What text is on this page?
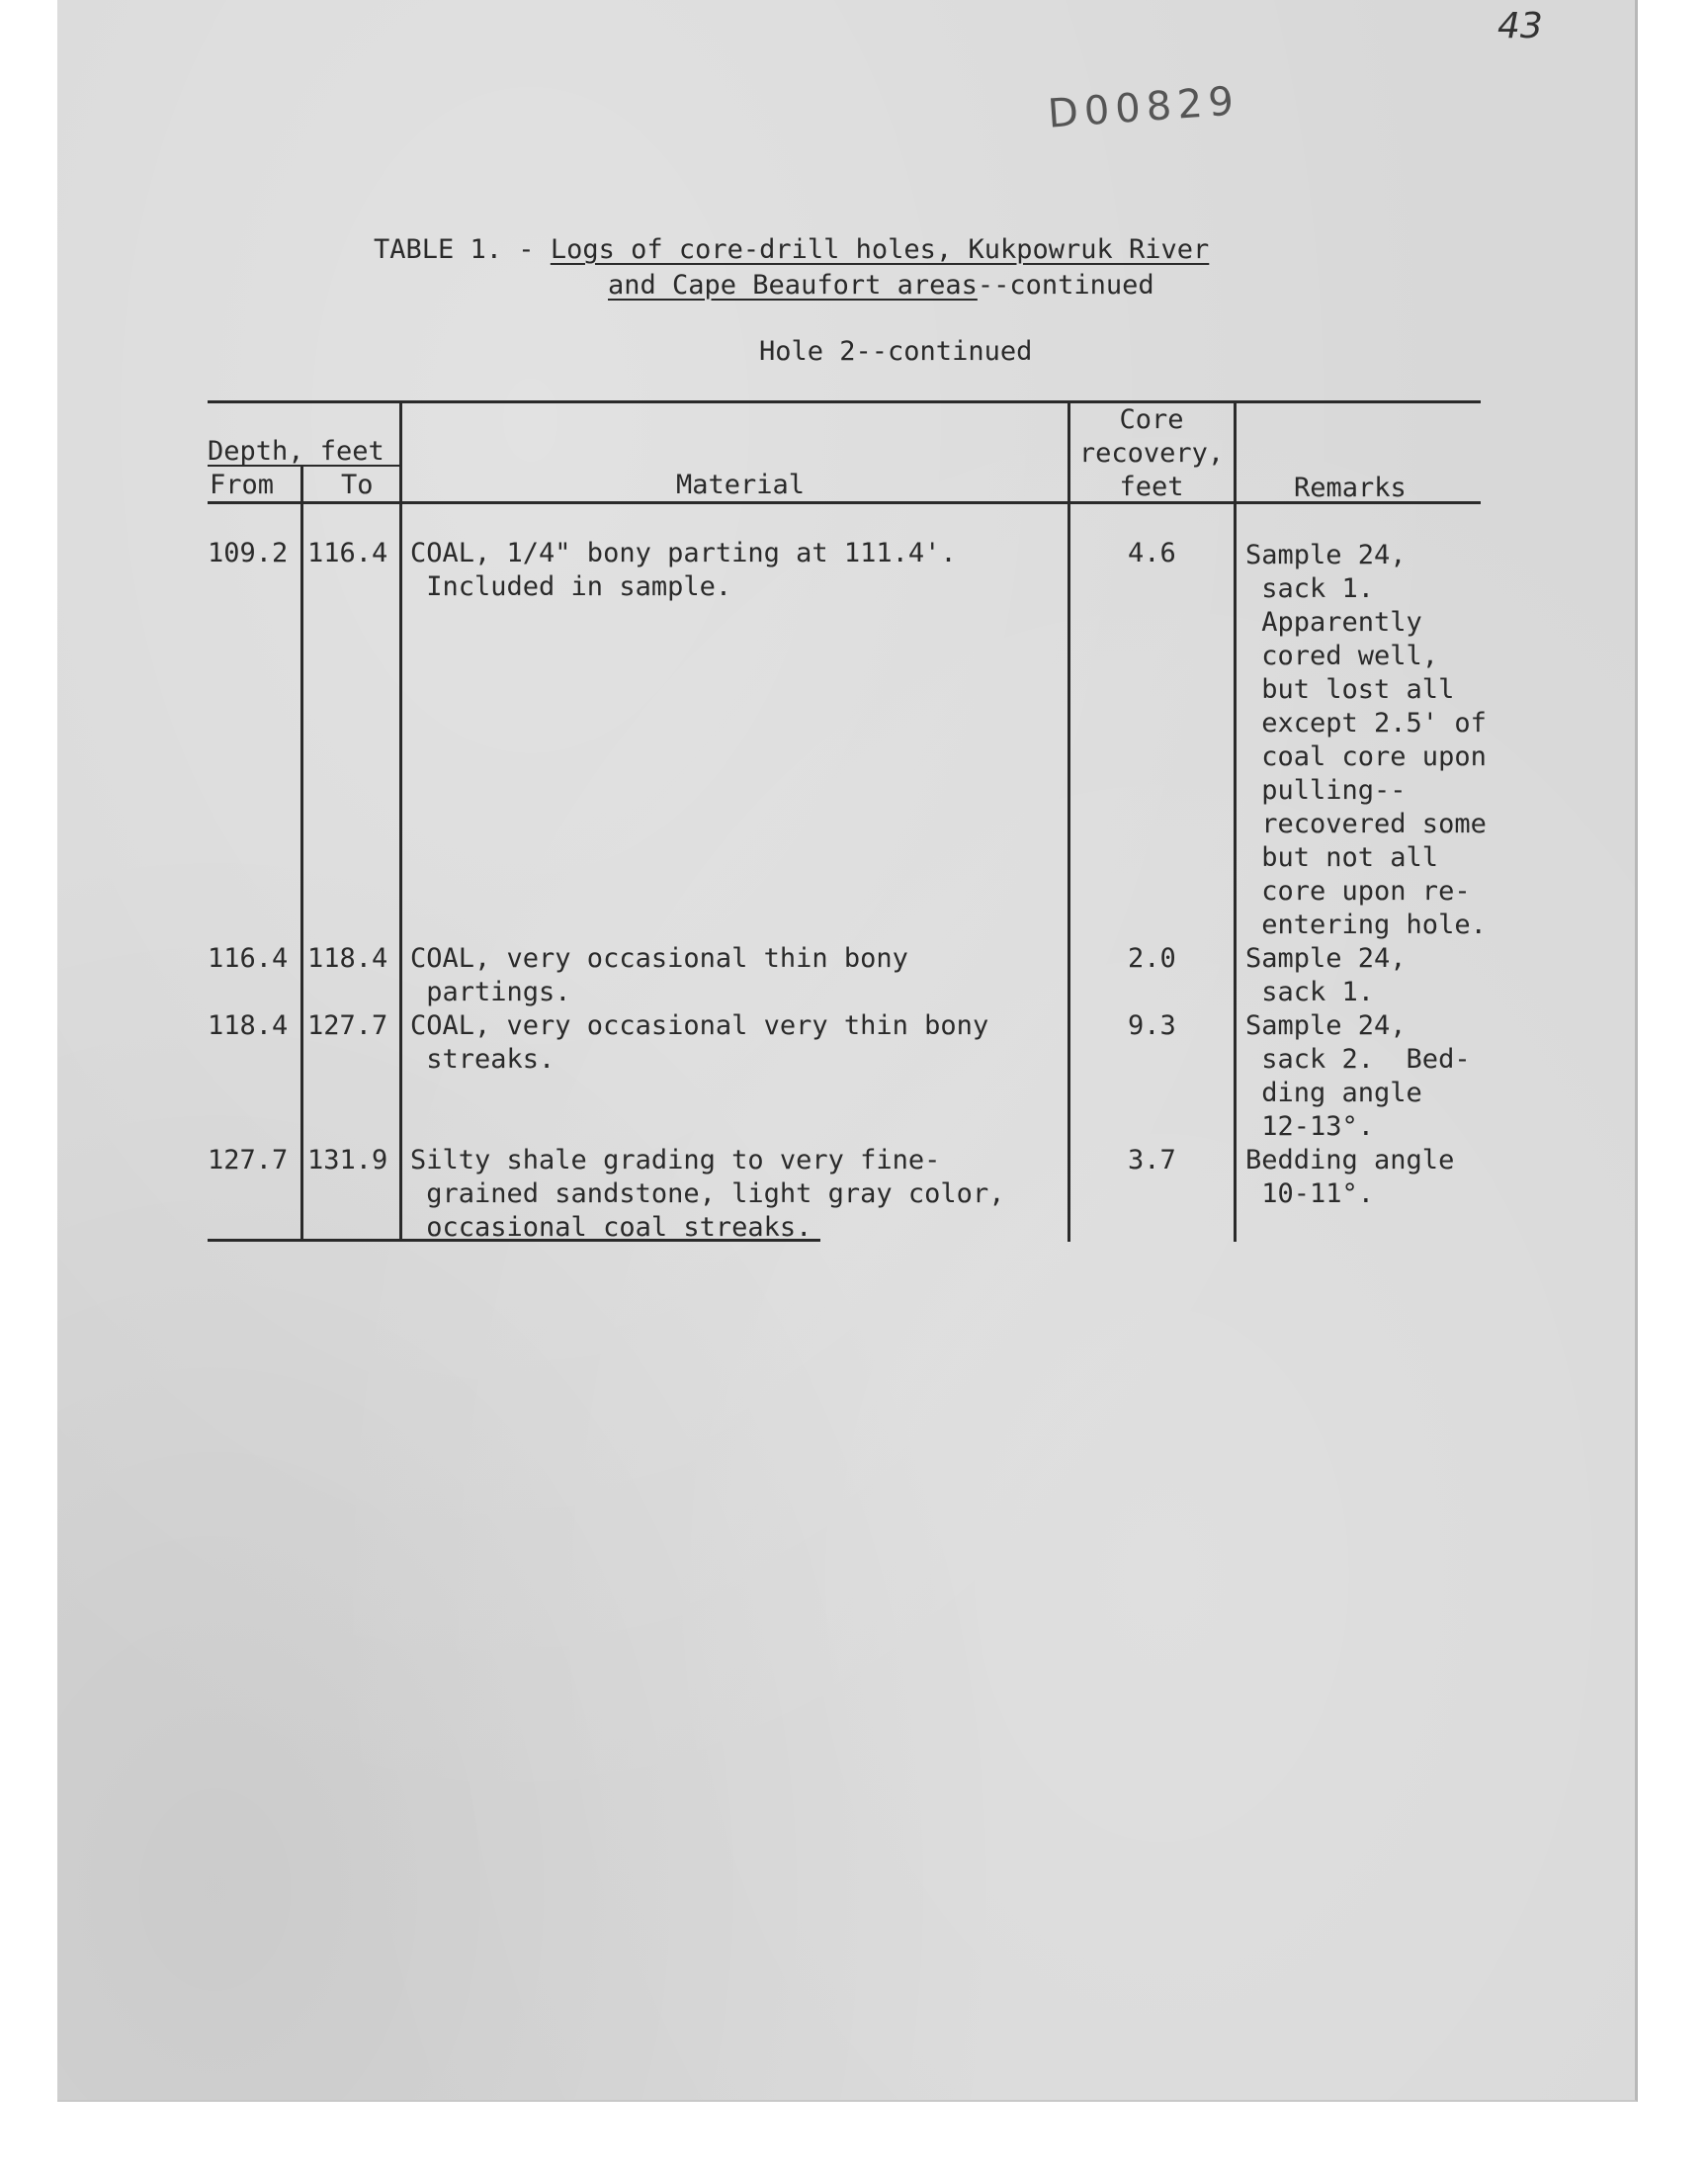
43
D00829
TABLE 1. - Logs of core-drill holes, Kukpowruk River
and Cape Beaufort areas--continued
Hole 2--continued
Depth, feet
From	To	Material
Core
recovery,
feet	Remarks
109.2 116.4 COAL, 1/4" bony parting at 111.4'.
Included in sample.
4.6	Sample 24,
sack 1.
Apparently
cored well,
but lost all
except 2.5' of
coal core upon
pulling--
recovered some
but not all
core upon re-
entering hole.
116.4 118.4 COAL, very occasional thin bony
partings.
2.0	Sample 24,
sack 1.
118.4 127.7 COAL, very occasional very thin bony
streaks.
9.3	Sample 24,
sack 2.  Bed-
ding angle
12-13°.
127.7 131.9 Silty shale grading to very fine-
grained sandstone, light gray color,
occasional coal streaks.
3.7	Bedding angle
10-11°.
